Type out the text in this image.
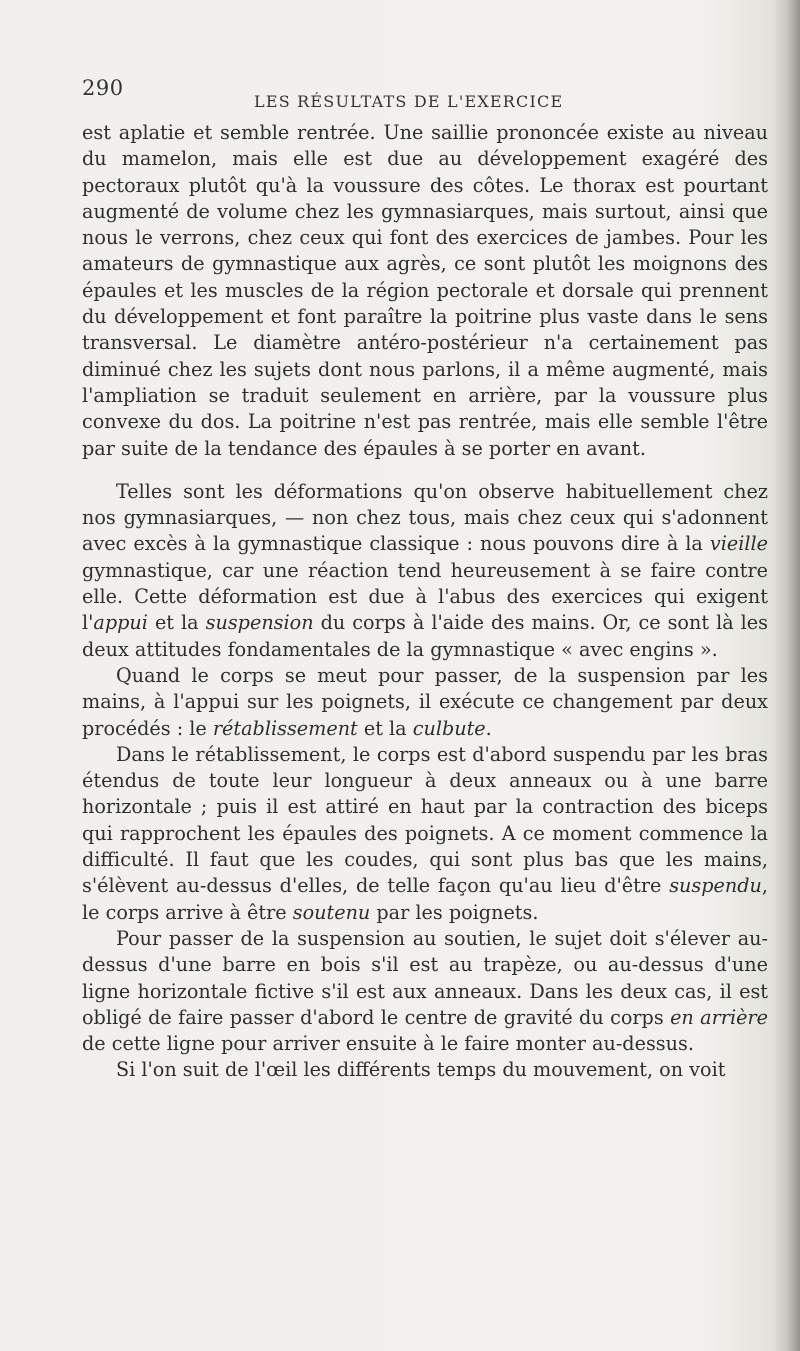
290
LES RÉSULTATS DE L'EXERCICE

est aplatie et semble rentrée. Une saillie prononcée existe au niveau du mamelon, mais elle est due au développement exagéré des pectoraux plutôt qu'à la voussure des côtes. Le thorax est pourtant augmenté de volume chez les gymnasiarques, mais surtout, ainsi que nous le verrons, chez ceux qui font des exercices de jambes. Pour les amateurs de gymnastique aux agrès, ce sont plutôt les moignons des épaules et les muscles de la région pectorale et dorsale qui prennent du développement et font paraître la poitrine plus vaste dans le sens transversal. Le diamètre antéro-postérieur n'a certainement pas diminué chez les sujets dont nous parlons, il a même augmenté, mais l'ampliation se traduit seulement en arrière, par la voussure plus convexe du dos. La poitrine n'est pas rentrée, mais elle semble l'être par suite de la tendance des épaules à se porter en avant.

Telles sont les déformations qu'on observe habituellement chez nos gymnasiarques, — non chez tous, mais chez ceux qui s'adonnent avec excès à la gymnastique classique : nous pouvons dire à la vieille gymnastique, car une réaction tend heureusement à se faire contre elle. Cette déformation est due à l'abus des exercices qui exigent l'appui et la suspension du corps à l'aide des mains. Or, ce sont là les deux attitudes fondamentales de la gymnastique « avec engins ».

Quand le corps se meut pour passer, de la suspension par les mains, à l'appui sur les poignets, il exécute ce changement par deux procédés : le rétablissement et la culbute.

Dans le rétablissement, le corps est d'abord suspendu par les bras étendus de toute leur longueur à deux anneaux ou à une barre horizontale ; puis il est attiré en haut par la contraction des biceps qui rapprochent les épaules des poignets. A ce moment commence la difficulté. Il faut que les coudes, qui sont plus bas que les mains, s'élèvent au-dessus d'elles, de telle façon qu'au lieu d'être suspendu, le corps arrive à être soutenu par les poignets.

Pour passer de la suspension au soutien, le sujet doit s'élever au-dessus d'une barre en bois s'il est au trapèze, ou au-dessus d'une ligne horizontale fictive s'il est aux anneaux. Dans les deux cas, il est obligé de faire passer d'abord le centre de gravité du corps en arrière de cette ligne pour arriver ensuite à le faire monter au-dessus.

Si l'on suit de l'œil les différents temps du mouvement, on voit
